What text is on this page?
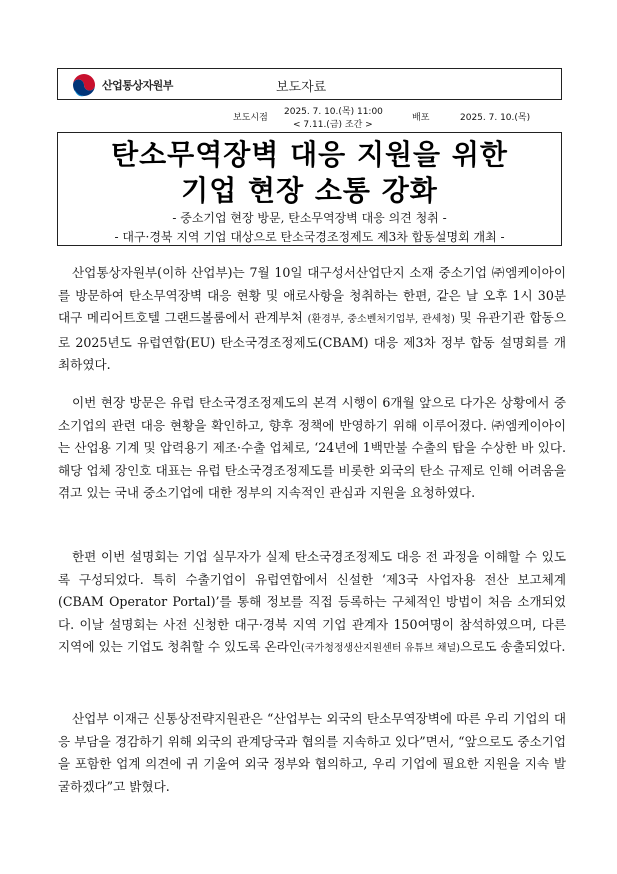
산업통상자원부	보도자료
보도시점
2025. 7. 10.(목) 11:00
< 7.11.(금) 조간 >
배포	2025. 7. 10.(목)
탄소무역장벽 대응 지원을 위한
기업 현장 소통 강화
- 중소기업 현장 방문, 탄소무역장벽 대응 의견 청취 -
- 대구·경북 지역 기업 대상으로 탄소국경조정제도 제3차 합동설명회 개최 -
산업통상자원부(이하 산업부)는 7월 10일 대구성서산업단지 소재 중소기업 ㈜엠케이아이를 방문하여 탄소무역장벽 대응 현황 및 애로사항을 청취하는 한편, 같은 날 오후 1시 30분 대구 메리어트호텔 그랜드볼룸에서 관계부처 (환경부, 중소벤처기업부, 관세청) 및 유관기관 합동으로 2025년도 유럽연합(EU) 탄소국경조정제도(CBAM) 대응 제3차 정부 합동 설명회를 개최하였다.
이번 현장 방문은 유럽 탄소국경조정제도의 본격 시행이 6개월 앞으로 다가온 상황에서 중소기업의 관련 대응 현황을 확인하고, 향후 정책에 반영하기 위해 이루어졌다. ㈜엠케이아이는 산업용 기계 및 압력용기 제조·수출 업체로, ‘24년에 1백만불 수출의 탑을 수상한 바 있다. 해당 업체 장인호 대표는 유럽 탄소국경조정제도를 비롯한 외국의 탄소 규제로 인해 어려움을 겪고 있는 국내 중소기업에 대한 정부의 지속적인 관심과 지원을 요청하였다.
한편 이번 설명회는 기업 실무자가 실제 탄소국경조정제도 대응 전 과정을 이해할 수 있도록 구성되었다. 특히 수출기업이 유럽연합에서 신설한 ‘제3국 사업자용 전산 보고체계(CBAM Operator Portal)’를 통해 정보를 직접 등록하는 구체적인 방법이 처음 소개되었다. 이날 설명회는 사전 신청한 대구·경북 지역 기업 관계자 150여명이 참석하였으며, 다른 지역에 있는 기업도 청취할 수 있도록 온라인(국가청정생산지원센터 유튜브 채널)으로도 송출되었다.
산업부 이재근 신통상전략지원관은 “산업부는 외국의 탄소무역장벽에 따른 우리 기업의 대응 부담을 경감하기 위해 외국의 관계당국과 협의를 지속하고 있다”면서, “앞으로도 중소기업을 포함한 업계 의견에 귀 기울여 외국 정부와 협의하고, 우리 기업에 필요한 지원을 지속 발굴하겠다”고 밝혔다.
